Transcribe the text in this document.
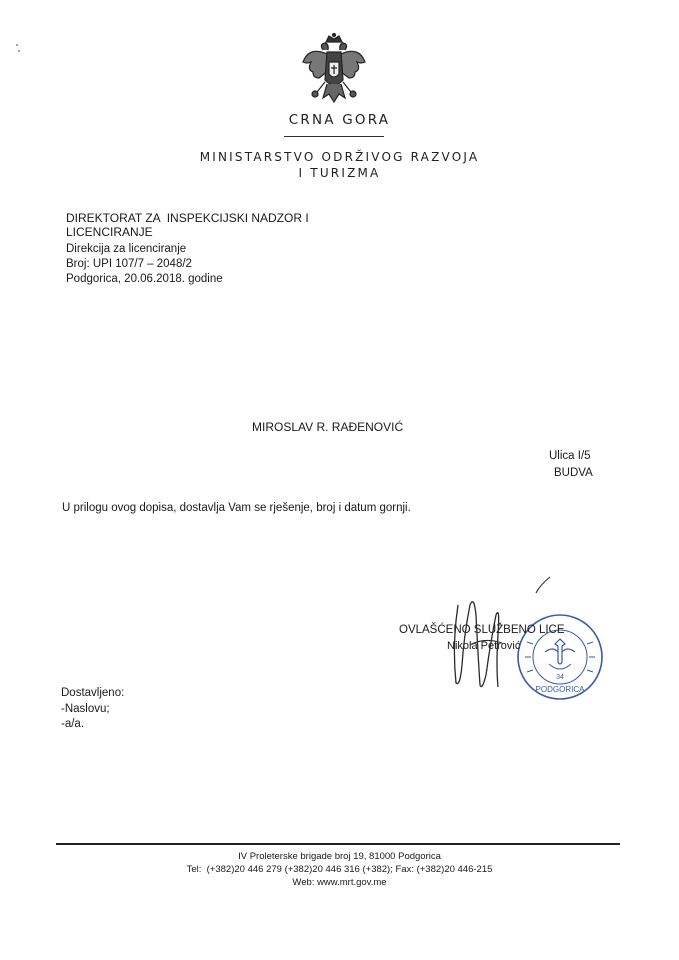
CRNA GORA
MINISTARSTVO ODRŽIVOG RAZVOJA
I TURIZMA
DIREKTORAT ZA  INSPEKCIJSKI NADZOR I
LICENCIRANJE
Direkcija za licenciranje
Broj: UPI 107/7 – 2048/2
Podgorica, 20.06.2018. godine
MIROSLAV R. RAĐENOVIĆ
Ulica I/5
BUDVA
U prilogu ovog dopisa, dostavlja Vam se rješenje, broj i datum gornji.
PODGORICA
34
OVLAŠĆENO SLUŽBENO LICE
Nikola Petrović
Dostavljeno:
-Naslovu;
-a/a.
IV Proleterske brigade broj 19, 81000 Podgorica
Tel:  (+382)20 446 279 (+382)20 446 316 (+382); Fax: (+382)20 446-215
Web: www.mrt.gov.me
